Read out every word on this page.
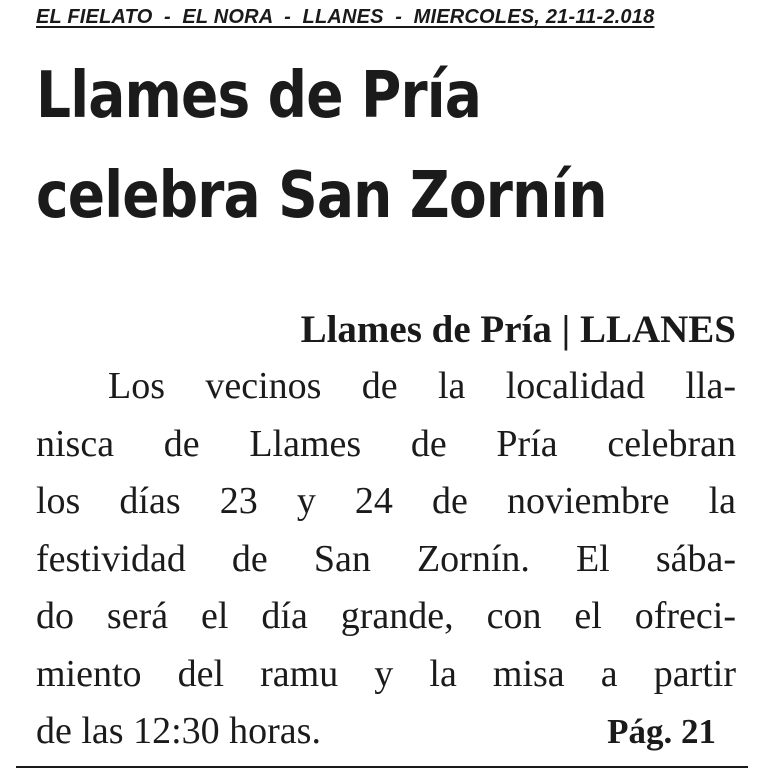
EL FIELATO  -  EL NORA  -  LLANES  -  MIERCOLES, 21-11-2.018
Llames de Pría
celebra San Zornín
Llames de Pría | LLANES
Los vecinos de la localidad lla-
nisca de Llames de Pría celebran
los días 23 y 24 de noviembre la
festividad de San Zornín. El sába-
do será el día grande, con el ofreci-
miento del ramu y la misa a partir
de las 12:30 horas.	Pág. 21
